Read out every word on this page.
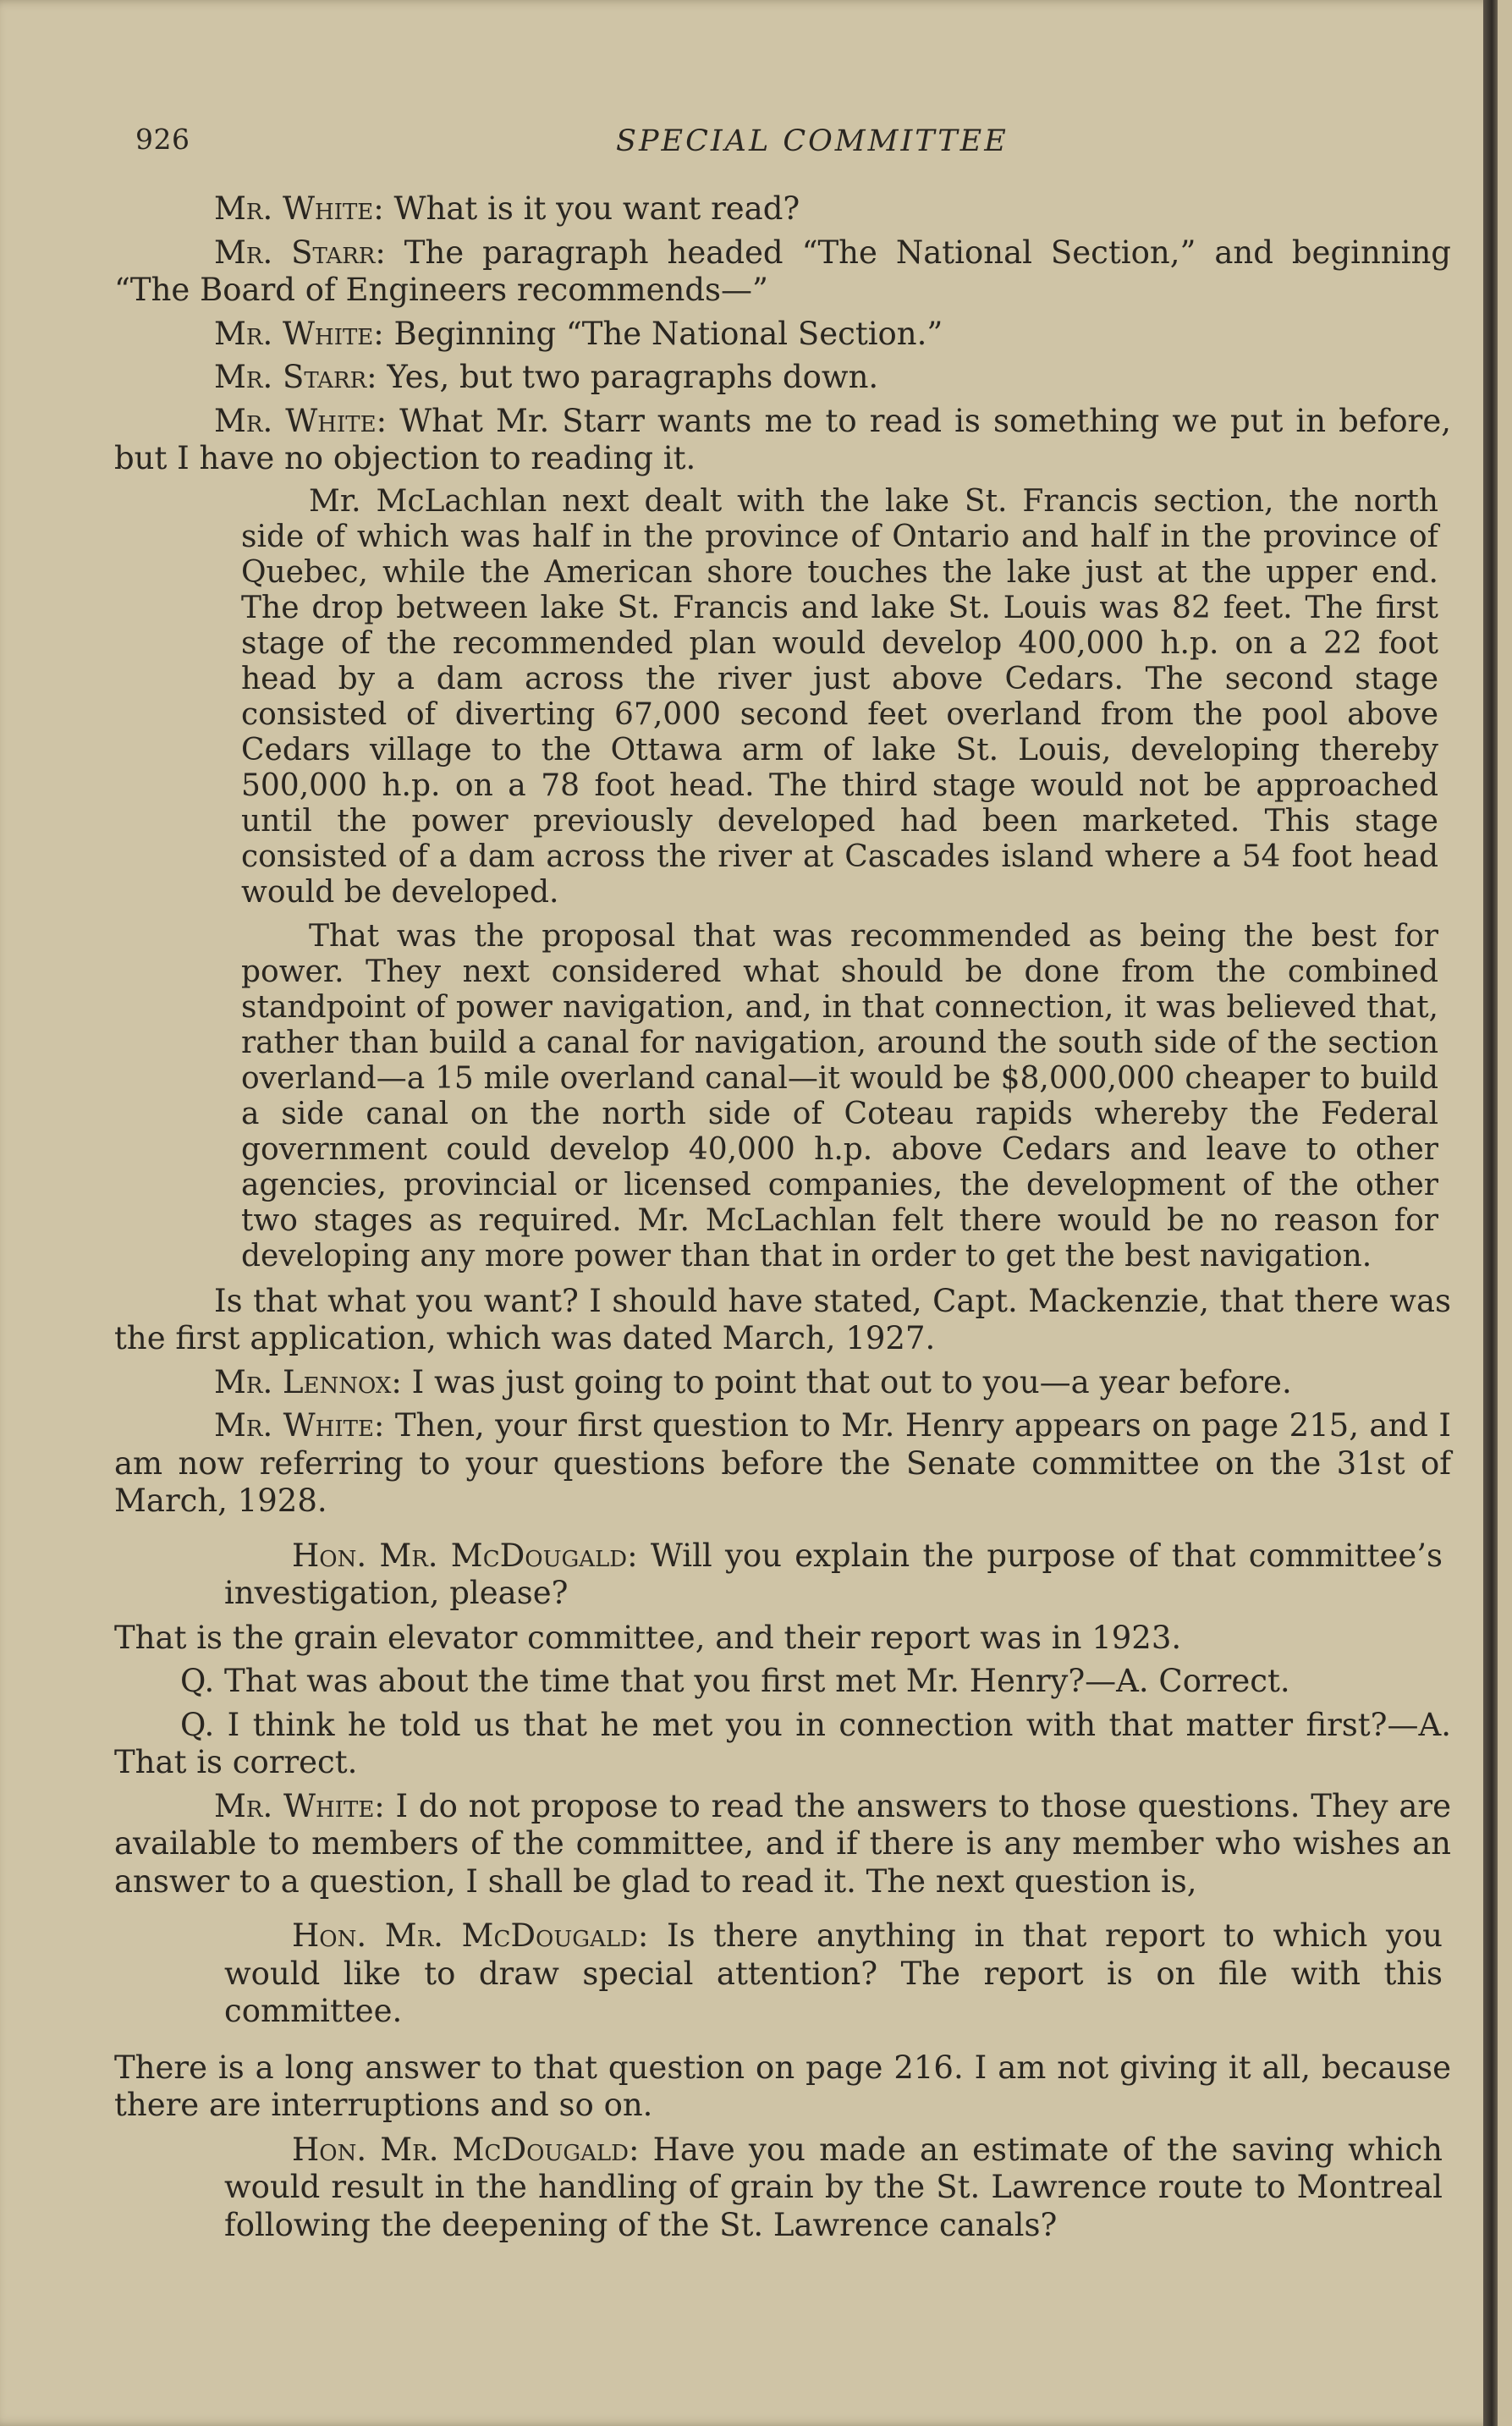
926	SPECIAL COMMITTEE

Mr. White: What is it you want read?

Mr. Starr: The paragraph headed “The National Section,” and beginning “The Board of Engineers recommends—”

Mr. White: Beginning “The National Section.”

Mr. Starr: Yes, but two paragraphs down.

Mr. White: What Mr. Starr wants me to read is something we put in before, but I have no objection to reading it.

Mr. McLachlan next dealt with the lake St. Francis section, the north side of which was half in the province of Ontario and half in the province of Quebec, while the American shore touches the lake just at the upper end. The drop between lake St. Francis and lake St. Louis was 82 feet. The first stage of the recommended plan would develop 400,000 h.p. on a 22 foot head by a dam across the river just above Cedars. The second stage consisted of diverting 67,000 second feet overland from the pool above Cedars village to the Ottawa arm of lake St. Louis, developing thereby 500,000 h.p. on a 78 foot head. The third stage would not be approached until the power previously developed had been marketed. This stage consisted of a dam across the river at Cascades island where a 54 foot head would be developed.

That was the proposal that was recommended as being the best for power. They next considered what should be done from the combined standpoint of power navigation, and, in that connection, it was believed that, rather than build a canal for navigation, around the south side of the section overland—a 15 mile overland canal—it would be $8,000,000 cheaper to build a side canal on the north side of Coteau rapids whereby the Federal government could develop 40,000 h.p. above Cedars and leave to other agencies, provincial or licensed companies, the development of the other two stages as required. Mr. McLachlan felt there would be no reason for developing any more power than that in order to get the best navigation.

Is that what you want? I should have stated, Capt. Mackenzie, that there was the first application, which was dated March, 1927.

Mr. Lennox: I was just going to point that out to you—a year before.

Mr. White: Then, your first question to Mr. Henry appears on page 215, and I am now referring to your questions before the Senate committee on the 31st of March, 1928.

Hon. Mr. McDougald: Will you explain the purpose of that committee’s investigation, please?

That is the grain elevator committee, and their report was in 1923.

Q. That was about the time that you first met Mr. Henry?—A. Correct.

Q. I think he told us that he met you in connection with that matter first?—A. That is correct.

Mr. White: I do not propose to read the answers to those questions. They are available to members of the committee, and if there is any member who wishes an answer to a question, I shall be glad to read it. The next question is,

Hon. Mr. McDougald: Is there anything in that report to which you would like to draw special attention? The report is on file with this committee.

There is a long answer to that question on page 216. I am not giving it all, because there are interruptions and so on.

Hon. Mr. McDougald: Have you made an estimate of the saving which would result in the handling of grain by the St. Lawrence route to Montreal following the deepening of the St. Lawrence canals?
